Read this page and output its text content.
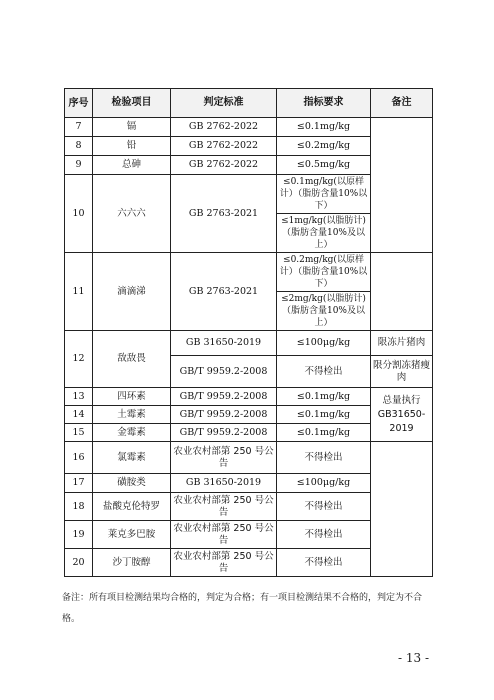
序号	检验项目	判定标准	指标要求	备注
7	镉	GB 2762-2022	≤0.1mg/kg	
8	铅	GB 2762-2022	≤0.2mg/kg	
9	总砷	GB 2762-2022	≤0.5mg/kg	
10	六六六	GB 2763-2021	≤0.1mg/kg(以原样计）（脂肪含量10%以下）	
			≤1mg/kg(以脂肪计)（脂肪含量10%及以上）	
11	滴滴涕	GB 2763-2021	≤0.2mg/kg(以原样计）（脂肪含量10%以下）	
			≤2mg/kg(以脂肪计)（脂肪含量10%及以上）	
12	敌敌畏	GB 31650-2019	≤100μg/kg	限冻片猪肉
		GB/T 9959.2-2008	不得检出	限分割冻猪瘦肉
13	四环素	GB/T 9959.2-2008	≤0.1mg/kg	总量执行GB31650-2019
14	土霉素	GB/T 9959.2-2008	≤0.1mg/kg	
15	金霉素	GB/T 9959.2-2008	≤0.1mg/kg	
16	氯霉素	农业农村部第 250 号公告	不得检出	
17	磺胺类	GB 31650-2019	≤100μg/kg	
18	盐酸克伦特罗	农业农村部第 250 号公告	不得检出	
19	莱克多巴胺	农业农村部第 250 号公告	不得检出	
20	沙丁胺醇	农业农村部第 250 号公告	不得检出	
备注：所有项目检测结果均合格的，判定为合格；有一项目检测结果不合格的，判定为不合格。
- 13 -
